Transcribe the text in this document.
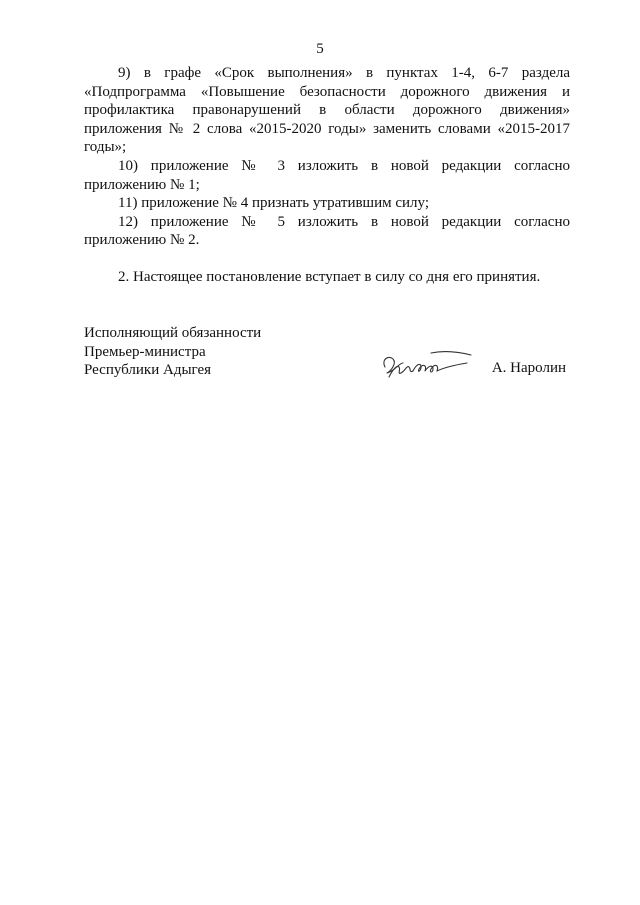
5

9) в графе «Срок выполнения» в пунктах 1-4, 6-7 раздела «Подпрограмма «Повышение безопасности дорожного движения и профилактика правонарушений в области дорожного движения» приложения № 2 слова «2015-2020 годы» заменить словами «2015-2017 годы»;

10) приложение № 3 изложить в новой редакции согласно приложению № 1;

11) приложение № 4 признать утратившим силу;

12) приложение № 5 изложить в новой редакции согласно приложению № 2.

2. Настоящее постановление вступает в силу со дня его принятия.

Исполняющий обязанности
Премьер-министра
Республики Адыгея	А. Наролин
